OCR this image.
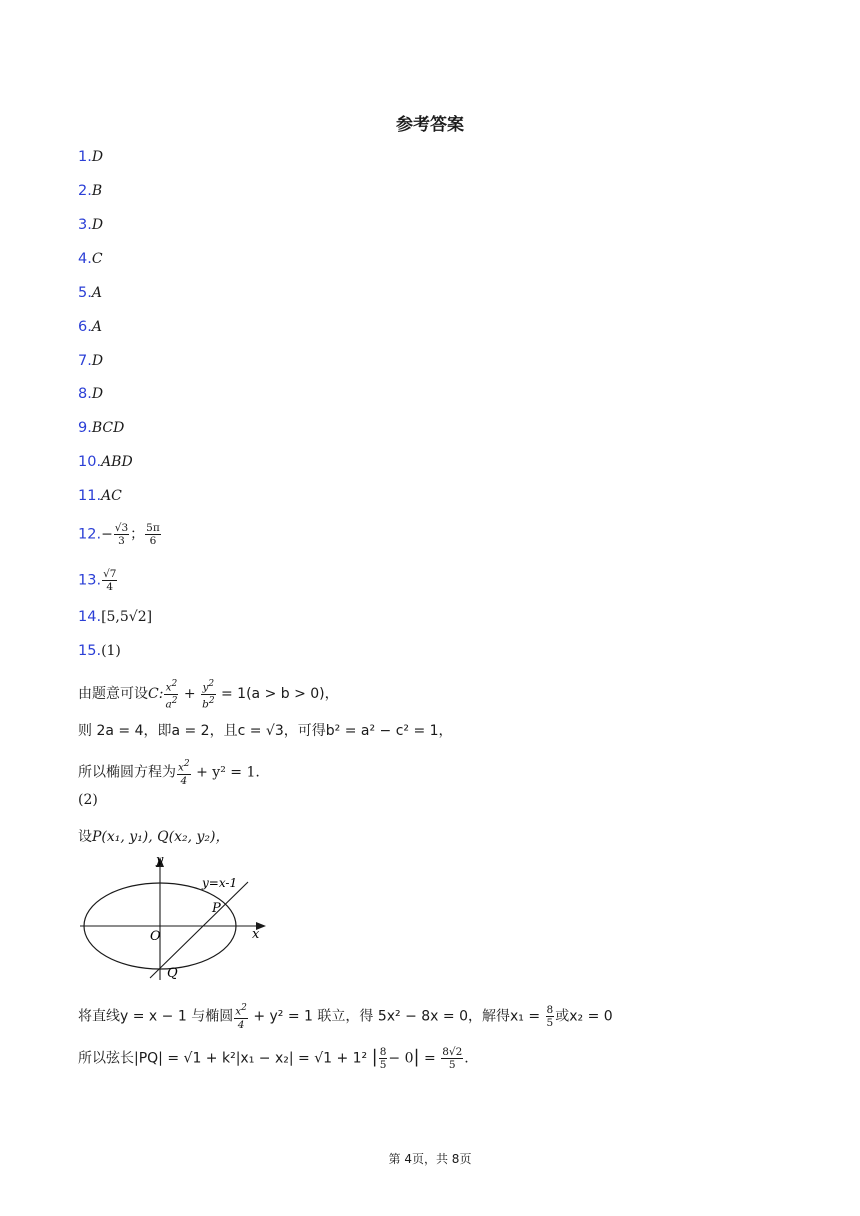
参考答案
1.D
2.B
3.D
4.C
5.A
6.A
7.D
8.D
9.BCD
10.ABD
11.AC
$12.- \frac{√3}{3}$ ； $\frac{5\pi}{6}$
13. $\frac{√7}{4}$
14.[5,5√2]
15.(1)
由题意可设C: $\frac{x^2}{a^2} + \frac{y^2}{b^2} = 1(a > b > 0)$，
则 2a = 4，即a = 2，且c = √3，可得b² = a² − c² = 1，
所以椭圆方程为 $\frac{x^2}{4} + y^2 = 1$.
(2)
设P(x₁, y₁), Q(x₂, y₂)，
y
x
O
P
Q
y=x-1
将直线y = x − 1 与椭圆 $\frac{x^2}{4} + y^2 = 1$ 联立，得 5x² − 8x = 0，解得$x_1 = \frac{8}{5}$ 或x₂ = 0
所以弦长|PQ| = √1 + k²|x₁ − x₂| = √1 + 1² | $\frac{8}{5} - 0| = \frac{8√2}{5}$ .
第 4页，共 8页
